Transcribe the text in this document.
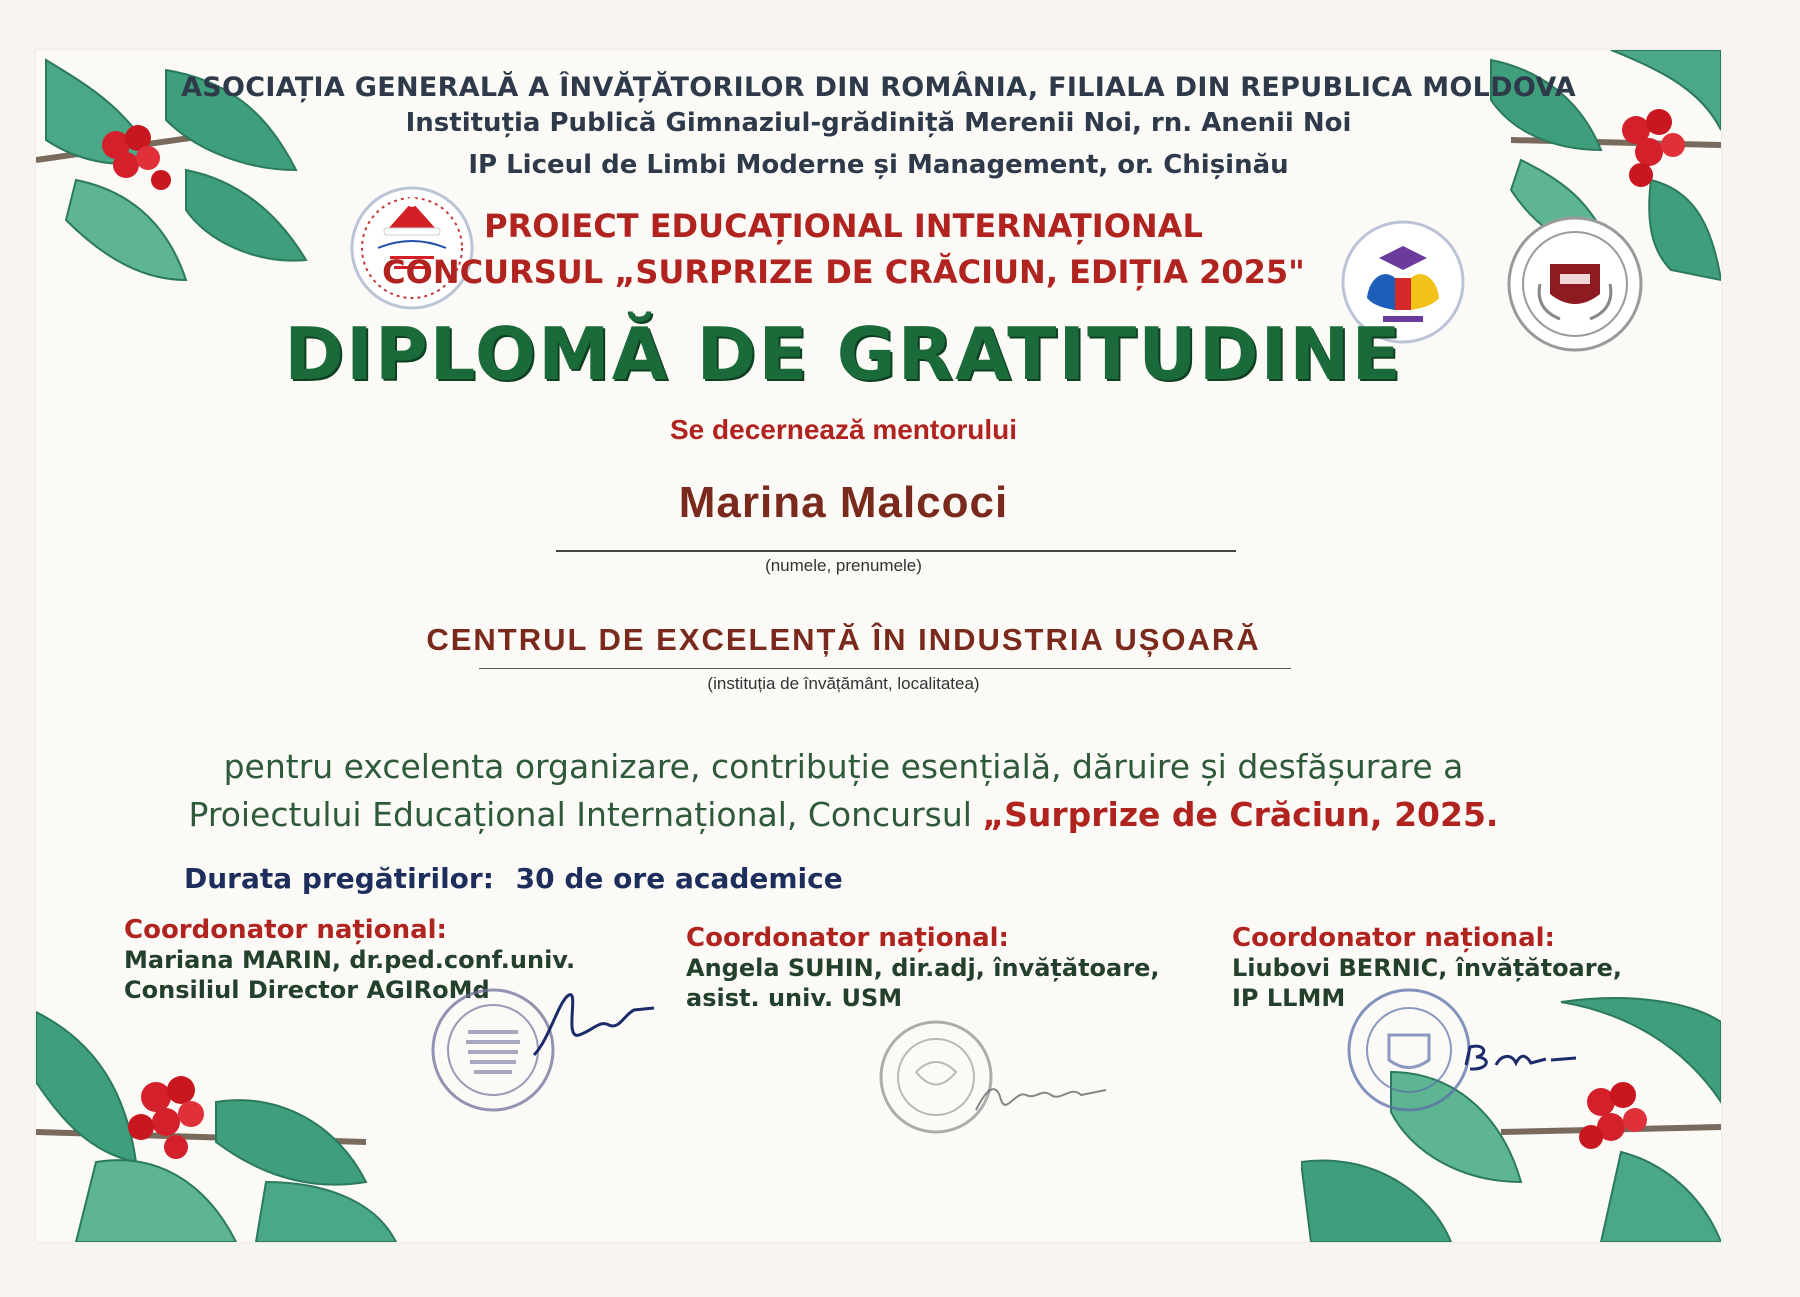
ASOCIAȚIA GENERALĂ A ÎNVĂȚĂTORILOR DIN ROMÂNIA, FILIALA DIN REPUBLICA MOLDOVA
Instituția Publică Gimnaziul-grădiniță Merenii Noi, rn. Anenii Noi
IP Liceul de Limbi Moderne și Management, or. Chișinău
PROIECT EDUCAȚIONAL INTERNAȚIONAL
CONCURSUL „SURPRIZE DE CRĂCIUN, EDIȚIA 2025"
DIPLOMĂ DE GRATITUDINE
Se decernează mentorului
Marina Malcoci
(numele, prenumele)
CENTRUL DE EXCELENȚĂ ÎN INDUSTRIA UȘOARĂ
(instituția de învățământ, localitatea)
pentru excelenta organizare, contribuție esențială, dăruire și desfășurare a
Proiectului Educațional Internațional, Concursul „Surprize de Crăciun, 2025.
Durata pregătirilor: 30 de ore academice
Coordonator național:
Mariana MARIN, dr.ped.conf.univ.
Consiliul Director AGIRoMd
Coordonator național:
Angela SUHIN, dir.adj, învățătoare,
asist. univ. USM
Coordonator național:
Liubovi BERNIC, învățătoare,
IP LLMM
